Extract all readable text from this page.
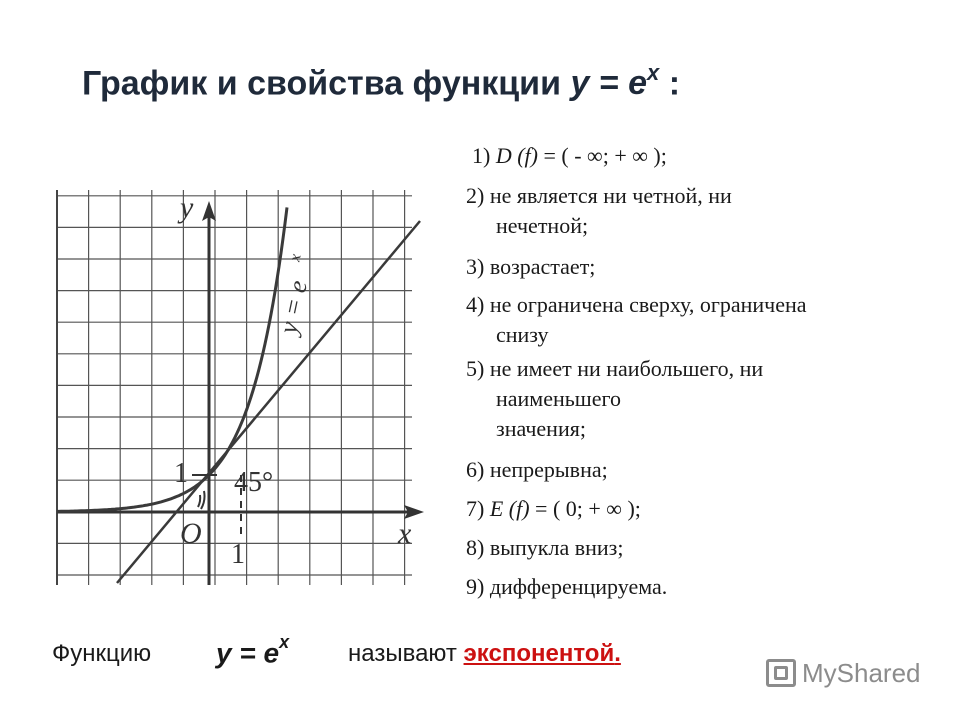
График и свойства функции $y = e^x$ :
y
x
O
1
1
45°
y = e
x
1) D (f) = ( - ∞; + ∞ );
2) не является ни четной, ни
нечетной;
3) возрастает;
4) не ограничена сверху, ограничена
снизу
5) не имеет ни наибольшего, ни
наименьшего
значения;
6) непрерывна;
7) E (f) = ( 0; + ∞ );
8) выпукла вниз;
9) дифференцируема.
Функцию $y = e^x$ называют экспонентой.
MyShared
